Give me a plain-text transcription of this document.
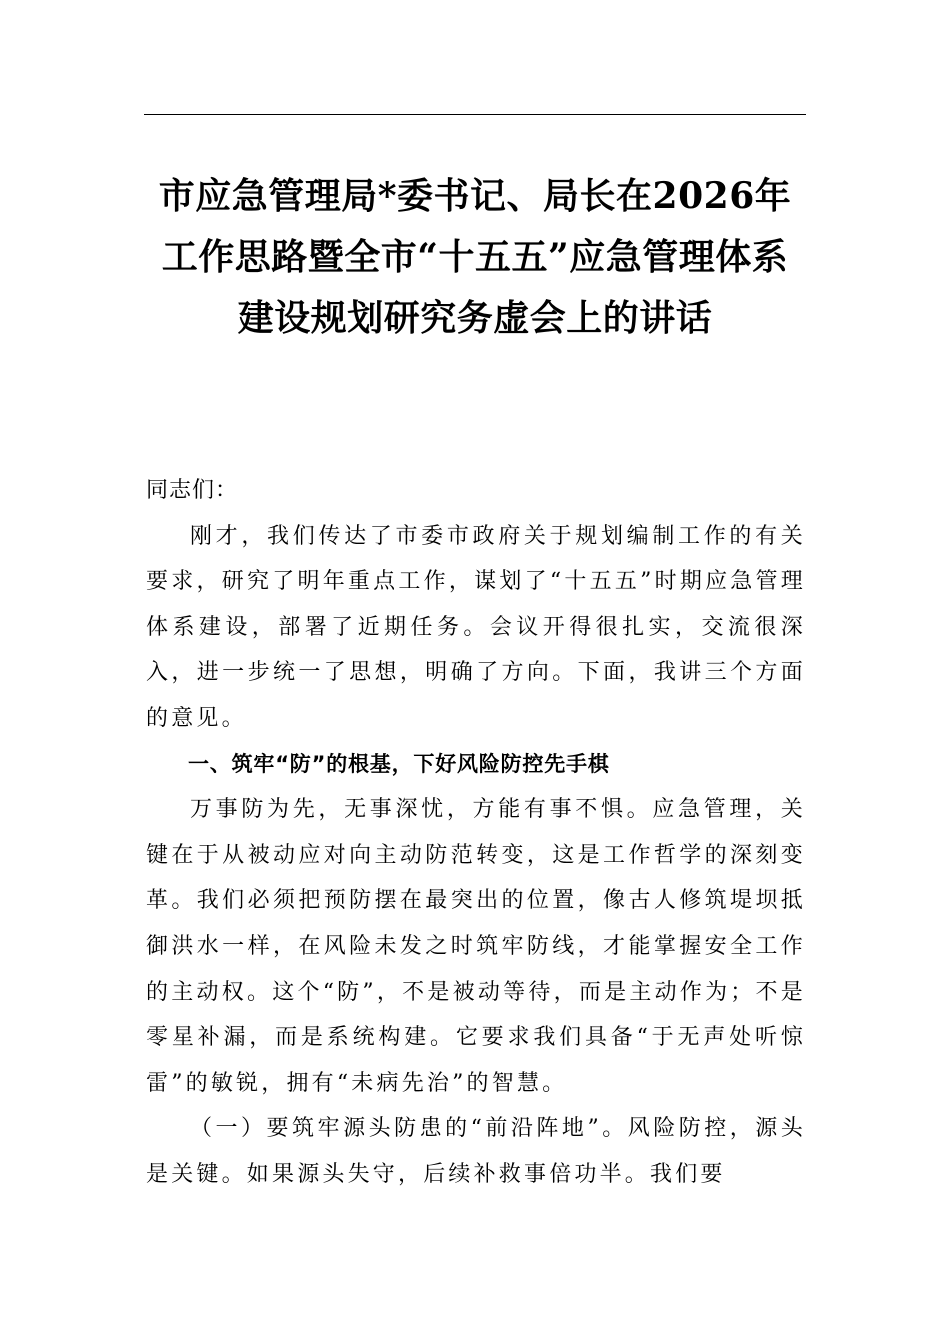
市应急管理局*委书记、局长在2026年工作思路暨全市“十五五”应急管理体系建设规划研究务虚会上的讲话

同志们：

刚才，我们传达了市委市政府关于规划编制工作的有关要求，研究了明年重点工作，谋划了“十五五”时期应急管理体系建设，部署了近期任务。会议开得很扎实，交流很深入，进一步统一了思想，明确了方向。下面，我讲三个方面的意见。

一、筑牢“防”的根基，下好风险防控先手棋

万事防为先，无事深忧，方能有事不惧。应急管理，关键在于从被动应对向主动防范转变，这是工作哲学的深刻变革。我们必须把预防摆在最突出的位置，像古人修筑堤坝抵御洪水一样，在风险未发之时筑牢防线，才能掌握安全工作的主动权。这个“防”，不是被动等待，而是主动作为；不是零星补漏，而是系统构建。它要求我们具备“于无声处听惊雷”的敏锐，拥有“未病先治”的智慧。

（一）要筑牢源头防患的“前沿阵地”。风险防控，源头是关键。如果源头失守，后续补救事倍功半。我们要
